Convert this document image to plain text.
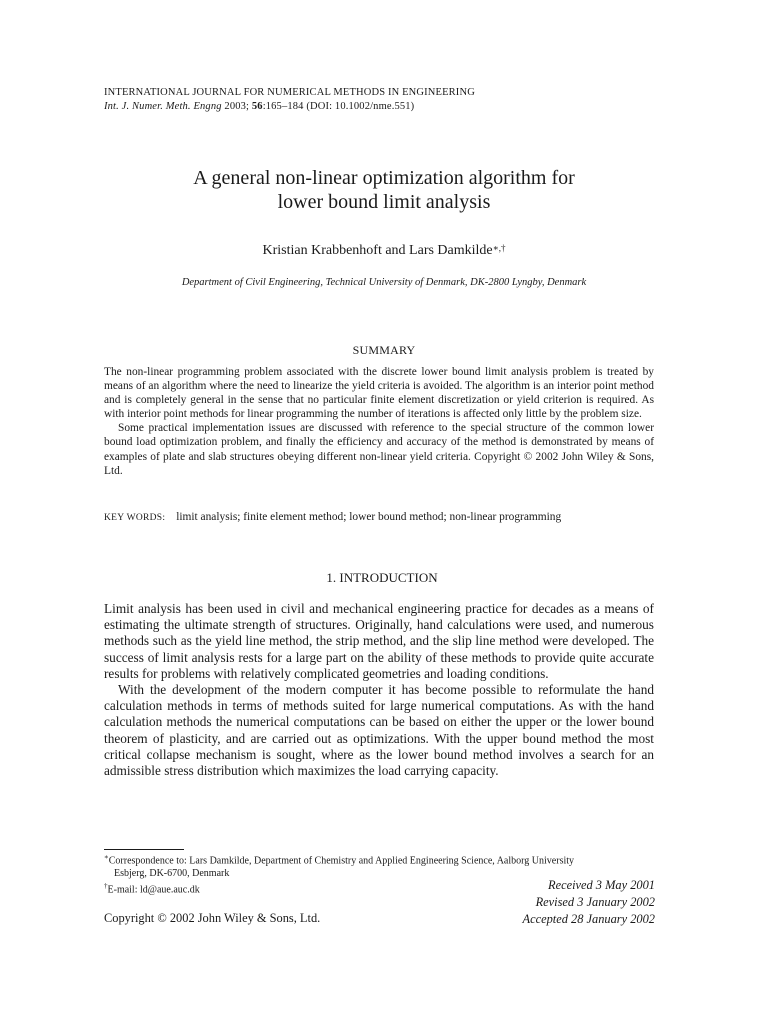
INTERNATIONAL JOURNAL FOR NUMERICAL METHODS IN ENGINEERING
Int. J. Numer. Meth. Engng 2003; 56:165–184 (DOI: 10.1002/nme.551)
A general non-linear optimization algorithm for
lower bound limit analysis
Kristian Krabbenhoft and Lars Damkilde∗,†
Department of Civil Engineering, Technical University of Denmark, DK-2800 Lyngby, Denmark
SUMMARY

The non-linear programming problem associated with the discrete lower bound limit analysis problem is treated by means of an algorithm where the need to linearize the yield criteria is avoided. The algorithm is an interior point method and is completely general in the sense that no particular finite element discretization or yield criterion is required. As with interior point methods for linear programming the number of iterations is affected only little by the problem size.

Some practical implementation issues are discussed with reference to the special structure of the common lower bound load optimization problem, and finally the efficiency and accuracy of the method is demonstrated by means of examples of plate and slab structures obeying different non-linear yield criteria. Copyright © 2002 John Wiley & Sons, Ltd.

KEY WORDS: limit analysis; finite element method; lower bound method; non-linear programming
1. INTRODUCTION

Limit analysis has been used in civil and mechanical engineering practice for decades as a means of estimating the ultimate strength of structures. Originally, hand calculations were used, and numerous methods such as the yield line method, the strip method, and the slip line method were developed. The success of limit analysis rests for a large part on the ability of these methods to provide quite accurate results for problems with relatively complicated geometries and loading conditions.

With the development of the modern computer it has become possible to reformulate the hand calculation methods in terms of methods suited for large numerical computations. As with the hand calculation methods the numerical computations can be based on either the upper or the lower bound theorem of plasticity, and are carried out as optimizations. With the upper bound method the most critical collapse mechanism is sought, where as the lower bound method involves a search for an admissible stress distribution which maximizes the load carrying capacity.

∗Correspondence to: Lars Damkilde, Department of Chemistry and Applied Engineering Science, Aalborg University

Esbjerg, DK-6700, Denmark

†E-mail: ld@aue.auc.dk	Received 3 May 2001
Revised 3 January 2002
Accepted 28 January 2002
Copyright © 2002 John Wiley & Sons, Ltd.
